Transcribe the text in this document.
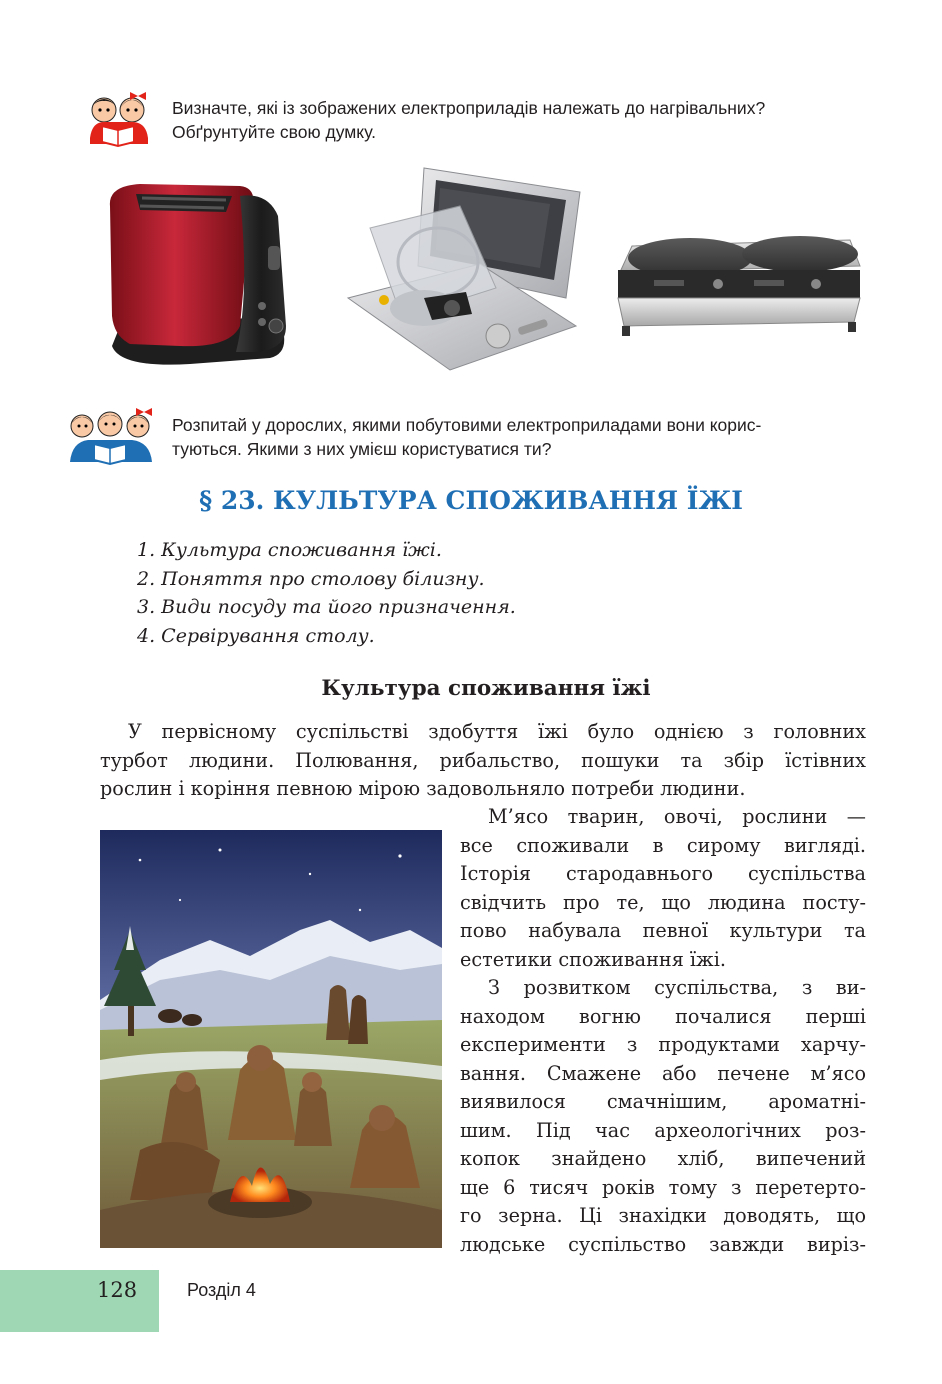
Визначте, які із зображених електроприладів належать до нагрівальних?
Обґрунтуйте свою думку.
Розпитай у дорослих, якими побутовими електроприладами вони корис-
туються. Якими з них умієш користуватися ти?
§ 23. КУЛЬТУРА СПОЖИВАННЯ ЇЖІ
1. Культура споживання їжі.
2. Поняття про столову білизну.
3. Види посуду та його призначення.
4. Сервірування столу.
Культура споживання їжі
У первісному суспільстві здобуття їжі було однією з головних
турбот людини. Полювання, рибальство, пошуки та збір їстівних
рослин і коріння певною мірою задовольняло потреби людини.
М’ясо тварин, овочі, рослини —
все споживали в сирому вигляді.
Історія стародавнього суспільства
свідчить про те, що людина посту-
пово набувала певної культури та
естетики споживання їжі.
З розвитком суспільства, з ви-
находом вогню почалися перші
експерименти з продуктами харчу-
вання. Смажене або печене м’ясо
виявилося смачнішим, ароматні-
шим. Під час археологічних роз-
копок знайдено хліб, випечений
ще 6 тисяч років тому з перетерто-
го зерна. Ці знахідки доводять, що
людське суспільство завжди виріз-
128	Розділ 4
